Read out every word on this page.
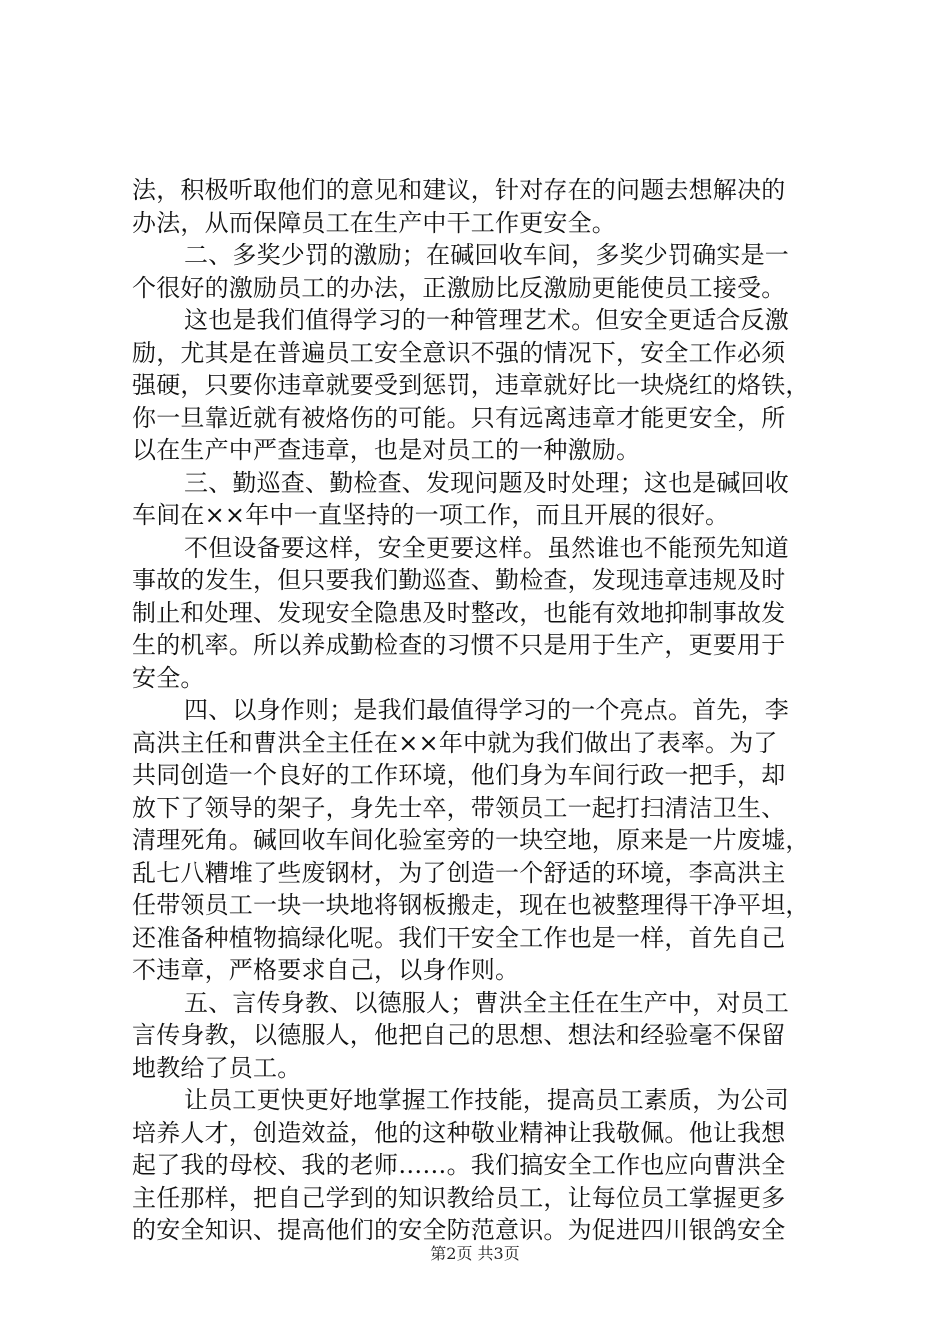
法，积极听取他们的意见和建议，针对存在的问题去想解决的
办法，从而保障员工在生产中干工作更安全。
二、多奖少罚的激励；在碱回收车间，多奖少罚确实是一
个很好的激励员工的办法，正激励比反激励更能使员工接受。
这也是我们值得学习的一种管理艺术。但安全更适合反激
励，尤其是在普遍员工安全意识不强的情况下，安全工作必须
强硬，只要你违章就要受到惩罚，违章就好比一块烧红的烙铁，
你一旦靠近就有被烙伤的可能。只有远离违章才能更安全，所
以在生产中严查违章，也是对员工的一种激励。
三、勤巡查、勤检查、发现问题及时处理；这也是碱回收
车间在××年中一直坚持的一项工作，而且开展的很好。
不但设备要这样，安全更要这样。虽然谁也不能预先知道
事故的发生，但只要我们勤巡查、勤检查，发现违章违规及时
制止和处理、发现安全隐患及时整改，也能有效地抑制事故发
生的机率。所以养成勤检查的习惯不只是用于生产，更要用于
安全。
四、以身作则；是我们最值得学习的一个亮点。首先，李
高洪主任和曹洪全主任在××年中就为我们做出了表率。为了
共同创造一个良好的工作环境，他们身为车间行政一把手，却
放下了领导的架子，身先士卒，带领员工一起打扫清洁卫生、
清理死角。碱回收车间化验室旁的一块空地，原来是一片废墟，
乱七八糟堆了些废钢材，为了创造一个舒适的环境，李高洪主
任带领员工一块一块地将钢板搬走，现在也被整理得干净平坦，
还准备种植物搞绿化呢。我们干安全工作也是一样，首先自己
不违章，严格要求自己，以身作则。
五、言传身教、以德服人；曹洪全主任在生产中，对员工
言传身教，以德服人，他把自己的思想、想法和经验毫不保留
地教给了员工。
让员工更快更好地掌握工作技能，提高员工素质，为公司
培养人才，创造效益，他的这种敬业精神让我敬佩。他让我想
起了我的母校、我的老师……。我们搞安全工作也应向曹洪全
主任那样，把自己学到的知识教给员工，让每位员工掌握更多
的安全知识、提高他们的安全防范意识。为促进四川银鸽安全
第2页 共3页
